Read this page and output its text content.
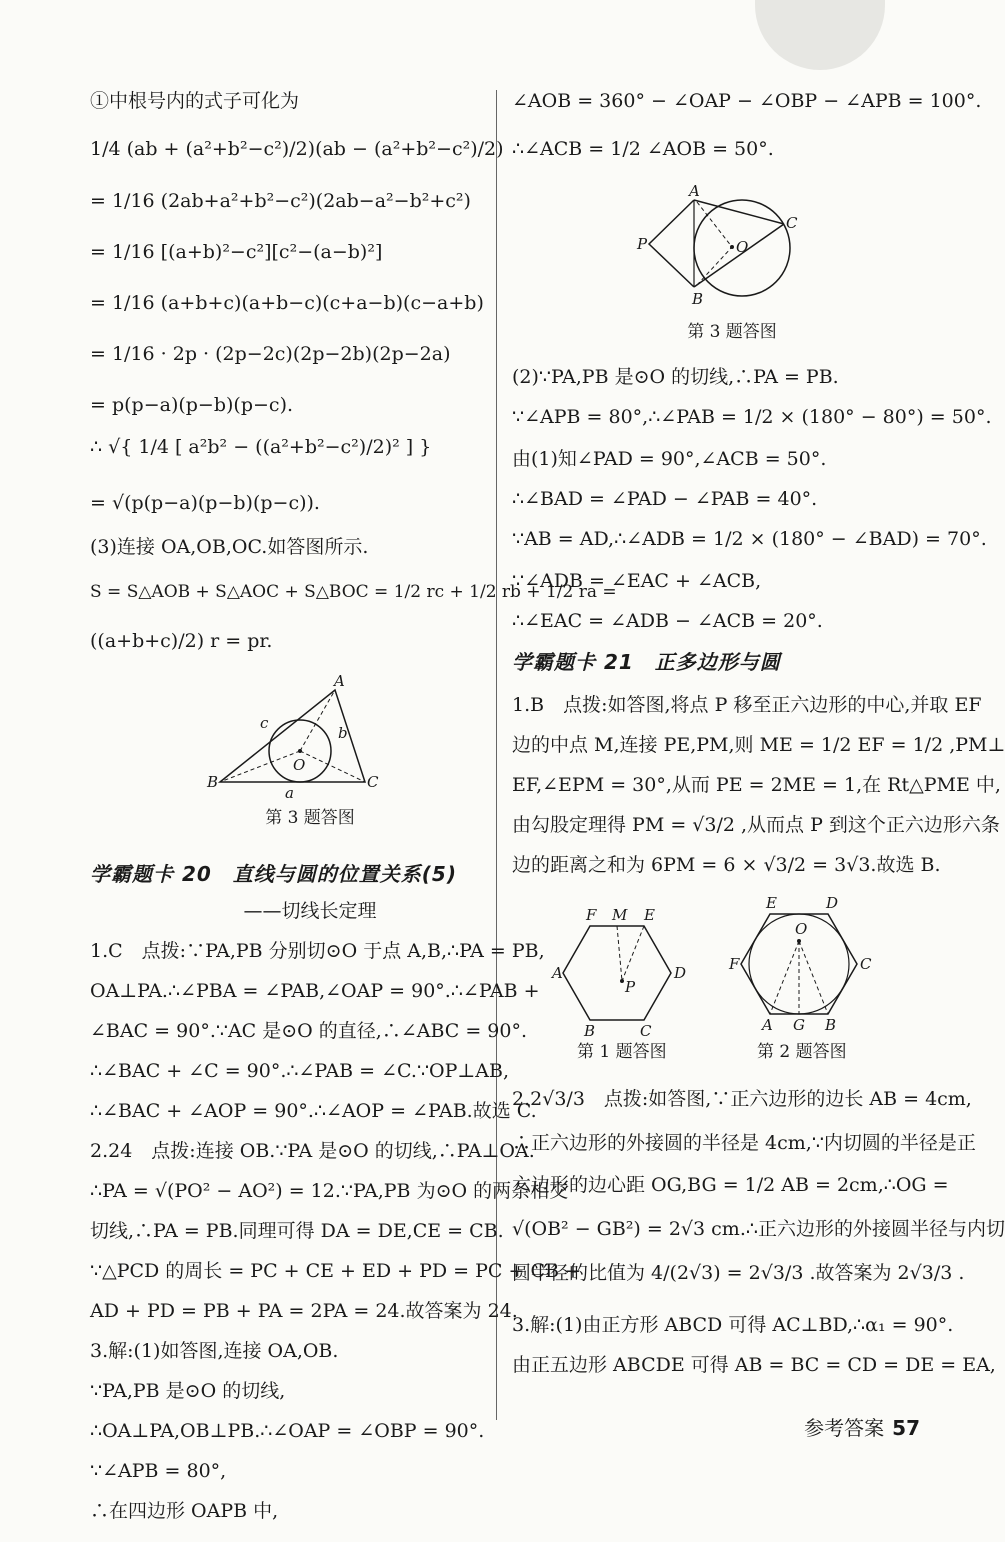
①中根号内的式子可化为
1/4 (ab + (a²+b²−c²)/2)(ab − (a²+b²−c²)/2)
= 1/16 (2ab+a²+b²−c²)(2ab−a²−b²+c²)
= 1/16 [(a+b)²−c²][c²−(a−b)²]
= 1/16 (a+b+c)(a+b−c)(c+a−b)(c−a+b)
= 1/16 · 2p · (2p−2c)(2p−2b)(2p−2a)
= p(p−a)(p−b)(p−c).
∴ √{ 1/4 [ a²b² − ((a²+b²−c²)/2)² ] }
= √(p(p−a)(p−b)(p−c)).
(3)连接 OA,OB,OC.如答图所示.
S = S△AOB + S△AOC + S△BOC = 1/2 rc + 1/2 rb + 1/2 ra =
((a+b+c)/2) r = pr.
A
B	C
O
c
b
a
第 3 题答图
学霸题卡 20　直线与圆的位置关系(5)
——切线长定理
1.C　点拨:∵PA,PB 分别切⊙O 于点 A,B,∴PA = PB,
OA⊥PA.∴∠PBA = ∠PAB,∠OAP = 90°.∴∠PAB +
∠BAC = 90°.∵AC 是⊙O 的直径,∴∠ABC = 90°.
∴∠BAC + ∠C = 90°.∴∠PAB = ∠C.∵OP⊥AB,
∴∠BAC + ∠AOP = 90°.∴∠AOP = ∠PAB.故选 C.
2.24　点拨:连接 OB.∵PA 是⊙O 的切线,∴PA⊥OA.
∴PA = √(PO² − AO²) = 12.∵PA,PB 为⊙O 的两条相交
切线,∴PA = PB.同理可得 DA = DE,CE = CB.
∵△PCD 的周长 = PC + CE + ED + PD = PC + CB +
AD + PD = PB + PA = 2PA = 24.故答案为 24.
3.解:(1)如答图,连接 OA,OB.
∵PA,PB 是⊙O 的切线,
∴OA⊥PA,OB⊥PB.∴∠OAP = ∠OBP = 90°.
∵∠APB = 80°,
∴在四边形 OAPB 中,
∠AOB = 360° − ∠OAP − ∠OBP − ∠APB = 100°.
∴∠ACB = 1/2 ∠AOB = 50°.
A
P
B
C
O
第 3 题答图
(2)∵PA,PB 是⊙O 的切线,∴PA = PB.
∵∠APB = 80°,∴∠PAB = 1/2 × (180° − 80°) = 50°.
由(1)知∠PAD = 90°,∠ACB = 50°.
∴∠BAD = ∠PAD − ∠PAB = 40°.
∵AB = AD,∴∠ADB = 1/2 × (180° − ∠BAD) = 70°.
∵∠ADB = ∠EAC + ∠ACB,
∴∠EAC = ∠ADB − ∠ACB = 20°.
学霸题卡 21　正多边形与圆
1.B　点拨:如答图,将点 P 移至正六边形的中心,并取 EF
边的中点 M,连接 PE,PM,则 ME = 1/2 EF = 1/2 ,PM⊥
EF,∠EPM = 30°,从而 PE = 2ME = 1,在 Rt△PME 中,
由勾股定理得 PM = √3/2 ,从而点 P 到这个正六边形六条
边的距离之和为 6PM = 6 × √3/2 = 3√3.故选 B.
F M E
A	D
B	C
P
E	D
F	C
O
A G B
第 1 题答图	第 2 题答图
2.2√3/3　点拨:如答图,∵正六边形的边长 AB = 4cm,
∴正六边形的外接圆的半径是 4cm,∵内切圆的半径是正
六边形的边心距 OG,BG = 1/2 AB = 2cm,∴OG =
√(OB² − GB²) = 2√3 cm.∴正六边形的外接圆半径与内切
圆半径的比值为 4/(2√3) = 2√3/3 .故答案为 2√3/3 .
3.解:(1)由正方形 ABCD 可得 AC⊥BD,∴α₁ = 90°.
由正五边形 ABCDE 可得 AB = BC = CD = DE = EA,
参考答案 57
